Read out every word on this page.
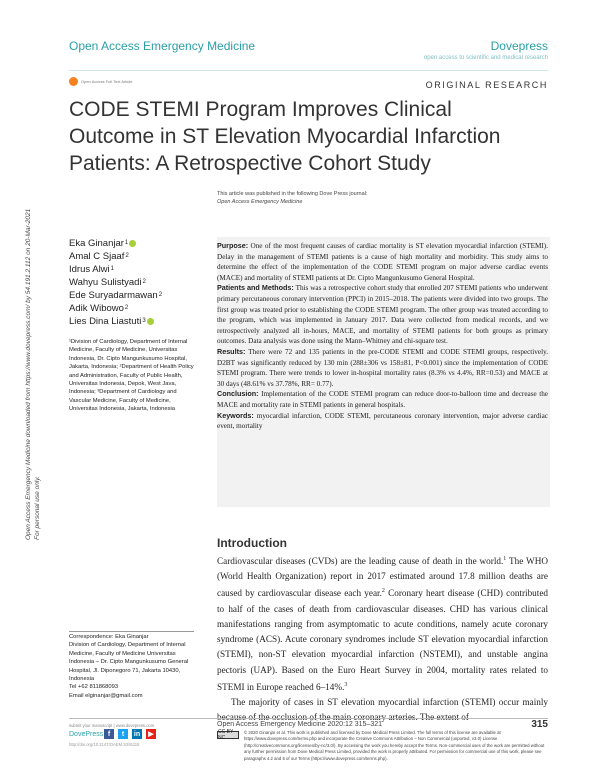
Open Access Emergency Medicine	Dovepress
open access to scientific and medical research
Open Access Full Text Article	ORIGINAL RESEARCH
CODE STEMI Program Improves Clinical Outcome in ST Elevation Myocardial Infarction Patients: A Retrospective Cohort Study
This article was published in the following Dove Press journal:
Open Access Emergency Medicine
Open Access Emergency Medicine downloaded from https://www.dovepress.com/ by 54.191.2.112 on 20-Mar-2021 For personal use only.
Eka Ginanjar 1
Amal C Sjaaf 2
Idrus Alwi 1
Wahyu Sulistyadi 2
Ede Suryadarmawan 2
Adik Wibowo 2
Lies Dina Liastuti 3
¹Division of Cardiology, Department of Internal Medicine, Faculty of Medicine, Universitas Indonesia, Dr. Cipto Mangunkusumo Hospital, Jakarta, Indonesia; ²Department of Health Policy and Administration, Faculty of Public Health, Universitas Indonesia, Depok, West Java, Indonesia; ³Department of Cardiology and Vascular Medicine, Faculty of Medicine, Universitas Indonesia, Jakarta, Indonesia

Purpose: One of the most frequent causes of cardiac mortality is ST elevation myocardial infarction (STEMI). Delay in the management of STEMI patients is a cause of high mortality and morbidity. This study aims to determine the effect of the implementation of the CODE STEMI program on major adverse cardiac events (MACE) and mortality of STEMI patients at Dr. Cipto Mangunkusumo General Hospital.

Patients and Methods: This was a retrospective cohort study that enrolled 207 STEMI patients who underwent primary percutaneous coronary intervention (PPCI) in 2015–2018. The patients were divided into two groups. The first group was treated prior to establishing the CODE STEMI program. The other group was treated according to the program, which was implemented in January 2017. Data were collected from medical records, and we retrospectively analyzed all in-hours, MACE, and mortality of STEMI patients for both groups as primary outcomes. Data analysis was done using the Mann–Whitney and chi-square test.

Results: There were 72 and 135 patients in the pre-CODE STEMI and CODE STEMI groups, respectively. D2BT was significantly reduced by 130 min (288±306 vs 158±81, P<0.001) since the implementation of CODE STEMI program. There were trends to lower in-hospital mortality rates (8.3% vs 4.4%, RR=0.53) and MACE at 30 days (48.61% vs 37.78%, RR= 0.77).

Conclusion: Implementation of the CODE STEMI program can reduce door-to-balloon time and decrease the MACE and mortality rate in STEMI patients in general hospitals.

Keywords: myocardial infarction, CODE STEMI, percutaneous coronary intervention, major adverse cardiac event, mortality

Correspondence: Eka Ginanjar
Division of Cardiology, Department of Internal Medicine, Faculty of Medicine Universitas Indonesia – Dr. Cipto Mangunkusumo General Hospital, Jl. Diponegoro 71, Jakarta 10430, Indonesia
Tel +62 811868093
Email elginanjar@gmail.com
Introduction

Cardiovascular diseases (CVDs) are the leading cause of death in the world.$^1$ The WHO (World Health Organization) report in 2017 estimated around 17.8 million deaths are caused by cardiovascular disease each year.$^2$ Coronary heart disease (CHD) contributed to half of the cases of death from cardiovascular diseases. CHD has various clinical manifestations ranging from asymptomatic to acute conditions, namely acute coronary syndrome (ACS). Acute coronary syndromes include ST elevation myocardial infarction (STEMI), non-ST elevation myocardial infarction (NSTEMI), and unstable angina pectoris (UAP). Based on the Euro Heart Survey in 2004, mortality rates related to STEMI in Europe reached 6–14%.$^3$

The majority of cases in ST elevation myocardial infarction (STEMI) occur mainly

submit your manuscript | www.dovepress.com
DovePress f	t	in	▶
http://doi.org/10.2147/OAEM.S291115
Open Access Emergency Medicine 2020:12 315–321	315
CC BY NC
© 2020 Ginanjar et al. This work is published and licensed by Dove Medical Press Limited. The full terms of this license are available at https://www.dovepress.com/terms.php and incorporate the Creative Commons Attribution – Non Commercial (unported, v3.0) License (http://creativecommons.org/licenses/by-nc/3.0/). By accessing the work you hereby accept the Terms. Non-commercial uses of the work are permitted without any further permission from Dove Medical Press Limited, provided the work is properly attributed. For permission for commercial use of this work, please see paragraphs 4.2 and 5 of our Terms (https://www.dovepress.com/terms.php).
